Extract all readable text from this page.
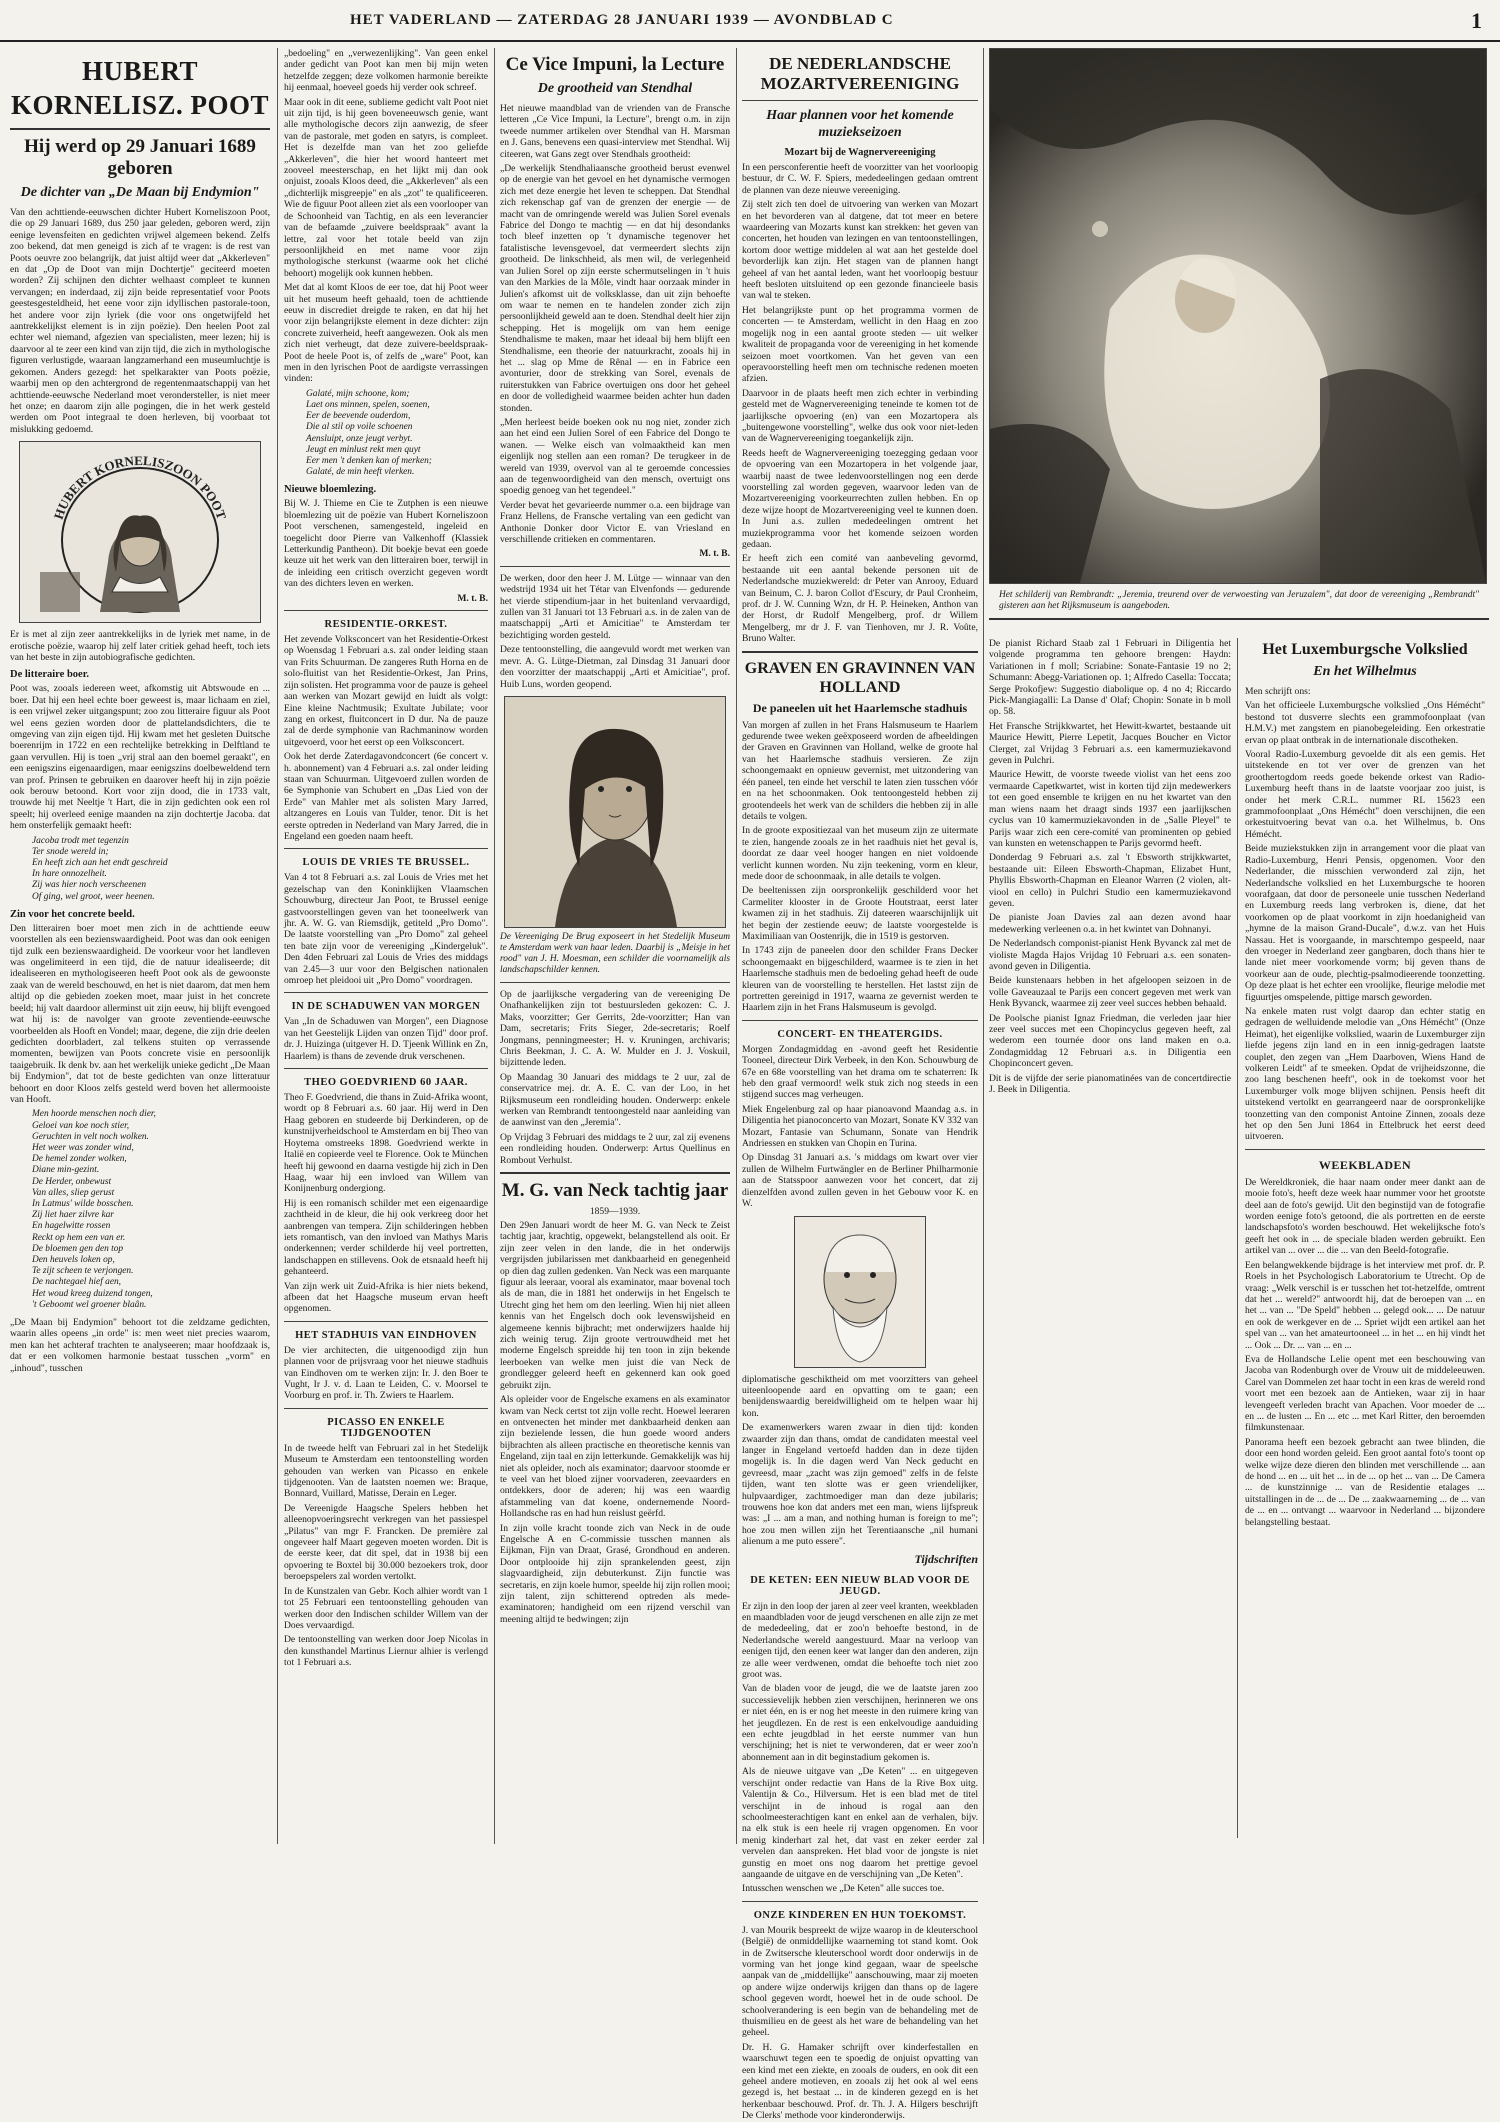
HET VADERLAND — ZATERDAG 28 JANUARI 1939 — AVONDBLAD C	1
HUBERT KORNELISZ. POOT
Hij werd op 29 Januari 1689 geboren
De dichter van „De Maan bij Endymion"

Van den achttiende-eeuwschen dichter Hubert Korneliszoon Poot, die op 29 Januari 1689, dus 250 jaar geleden, geboren werd, zijn eenige levensfeiten en gedichten vrijwel algemeen bekend. Zelfs zoo bekend, dat men geneigd is zich af te vragen: is de rest van Poots oeuvre zoo belangrijk, dat juist altijd weer dat „Akkerleven" en dat „Op de Doot van mijn Dochtertje" geciteerd moeten worden? Zij schijnen den dichter welhaast compleet te kunnen vervangen; en inderdaad, zij zijn beide representatief voor Poots geestesgesteldheid, het eene voor zijn idyllischen pastorale-toon, het andere voor zijn lyriek (die voor ons ongetwijfeld het aantrekkelijkst element is in zijn poëzie). Den heelen Poot zal echter wel niemand, afgezien van specialisten, meer lezen; hij is daarvoor al te zeer een kind van zijn tijd, die zich in mythologische figuren verlustigde, waaraan langzamerhand een museumluchtje is gekomen. Anders gezegd: het spelkarakter van Poots poëzie, waarbij men op den achtergrond de regentenmaatschappij van het achttiende-eeuwsche Nederland moet verondersteller, is niet meer het onze; en daarom zijn alle pogingen, die in het werk gesteld werden om Poot integraal te doen herleven, bij voorbaat tot mislukking gedoemd.

HUBERT KORNELISZOON POOT

Er is met al zijn zeer aantrekkelijks in de lyriek met name, in de erotische poëzie, waarop hij zelf later critiek gehad heeft, toch iets van het beste in zijn autobiografische gedichten.

De litteraire boer.

Poot was, zooals iedereen weet, afkomstig uit Abtswoude en ... boer. Dat hij een heel echte boer geweest is, maar lichaam en ziel, is een vrijwel zeker uitgangspunt; zoo zou litteraire figuur als Poot wel eens gezien worden door de plattelandsdichters, die te omgeving van zijn eigen tijd. Hij kwam met het gesleten Duitsche boerenrijm in 1722 en een rechtelijke betrekking in Delftland te gaan vervullen. Hij is toen „vrij stral aan den boemel geraakt", en een eenigszins eigenaardigen, maar eenigszins doelbeweldend tern van prof. Prinsen te gebruiken en daarover heeft hij in zijn poëzie ook berouw betoond. Kort voor zijn dood, die in 1733 valt, trouwde hij met Neeltje 't Hart, die in zijn gedichten ook een rol speelt; hij overleed eenige maanden na zijn dochtertje Jacoba. dat hem onsterfelijk gemaakt heeft:

Jacoba trodt met tegenzin
Ter snode wereld in;
En heeft zich aan het endt geschreid
In hare onnozelheit.
Zij was hier noch verscheenen
Of ging, wel groot, weer heenen.
Zin voor het concrete beeld.

Den litterairen boer moet men zich in de achttiende eeuw voorstellen als een bezienswaardigheid. Poot was dan ook eenigen tijd zulk een bezienswaardigheid. De voorkeur voor het landleven was ongelimiteerd in een tijd, die de natuur idealiseerde; dit idealiseeren en mythologiseeren heeft Poot ook als de gewoonste zaak van de wereld beschouwd, en het is niet daarom, dat men hem altijd op die gebieden zoeken moet, maar juist in het concrete beeld; hij valt daardoor allerminst uit zijn eeuw, hij blijft evengoed wat hij is: de navolger van groote zeventiende-eeuwsche voorbeelden als Hooft en Vondel; maar, degene, die zijn drie deelen gedichten doorbladert, zal telkens stuiten op verrassende momenten, bewijzen van Poots concrete visie en persoonlijk taaigebruik. Ik denk bv. aan het werkelijk unieke gedicht „De Maan bij Endymion", dat tot de beste gedichten van onze litteratuur behoort en door Kloos zelfs gesteld werd boven het allermooiste van Hooft.

Men hoorde menschen noch dier,
Geloei van koe noch stier,
Geruchten in velt noch wolken.
Het weer was zonder wind,
De hemel zonder wolken,
Diane min-gezint.
De Herder, onbewust
Van alles, sliep gerust
In Latmus' wilde bosschen.
Zij liet haer zilvre kar
En hagelwitte rossen
Reckt op hem een van er.
De bloemen gen den top
Den heuvels loken op,
Te zijt scheen te verjongen.
De nachtegael hief aen,
Het woud kreeg duizend tongen,
't Geboomt wel groener blaân.

„De Maan bij Endymion" behoort tot die zeldzame gedichten, waarin alles opeens „in orde" is: men weet niet precies waarom, men kan het achteraf trachten te analyseeren; maar hoofdzaak is, dat er een volkomen harmonie bestaat tusschen „vorm" en „inhoud", tusschen

„bedoeling" en „verwezenlijking". Van geen enkel ander gedicht van Poot kan men bij mijn weten hetzelfde zeggen; deze volkomen harmonie bereikte hij eenmaal, hoeveel goeds hij verder ook schreef.

Maar ook in dit eene, sublieme gedicht valt Poot niet uit zijn tijd, is hij geen boveneeuwsch genie, want alle mythologische decors zijn aanwezig, de sfeer van de pastorale, met goden en satyrs, is compleet. Het is dezelfde man van het zoo geliefde „Akkerleven", die hier het woord hanteert met zooveel meesterschap, en het lijkt mij dan ook onjuist, zooals Kloos deed, die „Akkerleven" als een „dichterlijk misgreepje" en als „zot" te qualificeeren. Wie de figuur Poot alleen ziet als een voorlooper van de Schoonheid van Tachtig, en als een leverancier van de befaamde „zuivere beeldspraak" avant la lettre, zal voor het totale beeld van zijn persoonlijkheid en met name voor zijn mythologische sterkunst (waarme ook het cliché behoort) mogelijk ook kunnen hebben.

Met dat al komt Kloos de eer toe, dat hij Poot weer uit het museum heeft gehaald, toen de achttiende eeuw in discrediet dreigde te raken, en dat hij het voor zijn belangrijkste element in deze dichter: zijn concrete zuiverheid, heeft aangewezen. Ook als men zich niet verheugt, dat deze zuivere-beeldspraak-Poot de heele Poot is, of zelfs de „ware" Poot, kan men in den lyrischen Poot de aardigste verrassingen vinden:

Galaté, mijn schoone, kom;
Laet ons minnen, spelen, soenen,
Eer de beevende ouderdom,
Die al stil op voile schoenen
Aensluipt, onze jeugt verbyt.
Jeugt en minlust rekt men quyt
Eer men 't denken kan of merken;
Galaté, de min heeft vlerken.
Nieuwe bloemlezing.

Bij W. J. Thieme en Cie te Zutphen is een nieuwe bloemlezing uit de poëzie van Hubert Korneliszoon Poot verschenen, samengesteld, ingeleid en toegelicht door Pierre van Valkenhoff (Klassiek Letterkundig Pantheon). Dit boekje bevat een goede keuze uit het werk van den litterairen boer, terwijl in de inleiding een critisch overzicht gegeven wordt van des dichters leven en werken.

M. t. B.

RESIDENTIE-ORKEST.

Het zevende Volksconcert van het Residentie-Orkest op Woensdag 1 Februari a.s. zal onder leiding staan van Frits Schuurman. De zangeres Ruth Horna en de solo-fluitist van het Residentie-Orkest, Jan Prins, zijn solisten. Het programma voor de pauze is geheel aan werken van Mozart gewijd en luidt als volgt: Eine kleine Nachtmusik; Exultate Jubilate; voor zang en orkest, fluitconcert in D dur. Na de pauze zal de derde symphonie van Rachmaninow worden uitgevoerd, voor het eerst op een Volksconcert.

Ook het derde Zaterdagavondconcert (6e concert v. h. abonnement) van 4 Februari a.s. zal onder leiding staan van Schuurman. Uitgevoerd zullen worden de 6e Symphonie van Schubert en „Das Lied von der Erde" van Mahler met als solisten Mary Jarred, altzangeres en Louis van Tulder, tenor. Dit is het eerste optreden in Nederland van Mary Jarred, die in Engeland een goeden naam heeft.

LOUIS DE VRIES TE BRUSSEL.

Van 4 tot 8 Februari a.s. zal Louis de Vries met het gezelschap van den Koninklijken Vlaamschen Schouwburg, directeur Jan Poot, te Brussel eenige gastvoorstellingen geven van het tooneelwerk van jhr. A. W. G. van Riemsdijk, getiteld „Pro Domo". De laatste voorstelling van „Pro Domo" zal geheel ten bate zijn voor de vereeniging „Kindergeluk". Den 4den Februari zal Louis de Vries des middags van 2.45—3 uur voor den Belgischen nationalen omroep het pleidooi uit „Pro Domo" voordragen.

IN DE SCHADUWEN VAN MORGEN

Van „In de Schaduwen van Morgen", een Diagnose van het Geestelijk Lijden van onzen Tijd" door prof. dr. J. Huizinga (uitgever H. D. Tjeenk Willink en Zn, Haarlem) is thans de zevende druk verschenen.

THEO GOEDVRIEND 60 JAAR.

Theo F. Goedvriend, die thans in Zuid-Afrika woont, wordt op 8 Februari a.s. 60 jaar. Hij werd in Den Haag geboren en studeerde bij Derkinderen, op de kunstnijverheidschool te Amsterdam en bij Theo van Hoytema omstreeks 1898. Goedvriend werkte in Italië en copieerde veel te Florence. Ook te München heeft hij gewoond en daarna vestigde hij zich in Den Haag, waar hij een invloed van Willem van Konijnenburg ondergiong.

Hij is een romanisch schilder met een eigenaardige zachtheid in de kleur, die hij ook verkreeg door het aanbrengen van tempera. Zijn schilderingen hebben iets romantisch, van den invloed van Mathys Maris onderkennen; verder schilderde hij veel portretten, landschappen en stillevens. Ook de etsnaald heeft hij gehanteerd.

Van zijn werk uit Zuid-Afrika is hier niets bekend, afbeen dat het Haagsche museum ervan heeft opgenomen.

HET STADHUIS VAN EINDHOVEN

De vier architecten, die uitgenoodigd zijn hun plannen voor de prijsvraag voor het nieuwe stadhuis van Eindhoven om te werken zijn: Ir. J. den Boer te Vught, Ir J. v. d. Laan te Leiden, C. v. Moorsel te Voorburg en prof. ir. Th. Zwiers te Haarlem.

PICASSO EN ENKELE TIJDGENOOTEN

In de tweede helft van Februari zal in het Stedelijk Museum te Amsterdam een tentoonstelling worden gehouden van werken van Picasso en enkele tijdgenooten. Van de laatsten noemen we: Braque, Bonnard, Vuillard, Matisse, Derain en Leger.

De Vereenigde Haagsche Spelers hebben het alleenopvoeringsrecht verkregen van het passiespel „Pilatus" van mgr F. Francken. De première zal ongeveer half Maart gegeven moeten worden. Dit is de eerste keer, dat dit spel, dat in 1938 bij een opvoering te Boxtel bij 30.000 bezoekers trok, door beroepspelers zal worden vertolkt.

In de Kunstzalen van Gebr. Koch alhier wordt van 1 tot 25 Februari een tentoonstelling gehouden van werken door den Indischen schilder Willem van der Does vervaardigd.

De tentoonstelling van werken door Joep Nicolas in den kunsthandel Martinus Liernur alhier is verlengd tot 1 Februari a.s.

Ce Vice Impuni, la Lecture
De grootheid van Stendhal

Het nieuwe maandblad van de vrienden van de Fransche letteren „Ce Vice Impuni, la Lecture", brengt o.m. in zijn tweede nummer artikelen over Stendhal van H. Marsman en J. Gans, benevens een quasi-interview met Stendhal. Wij citeeren, wat Gans zegt over Stendhals grootheid:

„De werkelijk Stendhaliaansche grootheid berust evenwel op de energie van het gevoel en het dynamische vermogen zich met deze energie het leven te scheppen. Dat Stendhal zich rekenschap gaf van de grenzen der energie — de macht van de omringende wereld was Julien Sorel evenals Fabrice del Dongo te machtig — en dat hij desondanks toch bleef inzetten op 't dynamische tegenover het fatalistische levensgevoel, dat vermeerdert slechts zijn grootheid. De linkschheid, als men wil, de verlegenheid van Julien Sorel op zijn eerste schermutselingen in 't huis van den Markies de la Môle, vindt haar oorzaak minder in Julien's afkomst uit de volksklasse, dan uit zijn behoefte om waar te nemen en te handelen zonder zich zijn persoonlijkheid geweld aan te doen. Stendhal deelt hier zijn schepping. Het is mogelijk om van hem eenige Stendhalisme te maken, maar het ideaal bij hem blijft een Stendhalisme, een theorie der natuurkracht, zooals hij in het ... slag op Mme de Rênal — en in Fabrice een avonturier, door de strekking van Sorel, evenals de ruiterstukken van Fabrice overtuigen ons door het geheel en door de volledigheid waarmee beiden achter hun daden stonden.

„Men herleest beide boeken ook nu nog niet, zonder zich aan het eind een Julien Sorel of een Fabrice del Dongo te wanen. — Welke eisch van volmaaktheid kan men eigenlijk nog stellen aan een roman? De terugkeer in de wereld van 1939, overvol van al te geroemde concessies aan de tegenwoordigheid van den mensch, overtuigt ons spoedig genoeg van het tegendeel."

Verder bevat het gevarieerde nummer o.a. een bijdrage van Franz Hellens, de Fransche vertaling van een gedicht van Anthonie Donker door Victor E. van Vriesland en verschillende critieken en commentaren.

M. t. B.

De werken, door den heer J. M. Lütge — winnaar van den wedstrijd 1934 uit het Tétar van Elvenfonds — gedurende het vierde stipendium-jaar in het buitenland vervaardigd, zullen van 31 Januari tot 13 Februari a.s. in de zalen van de maatschappij „Arti et Amicitiae" te Amsterdam ter bezichtiging worden gesteld.

Deze tentoonstelling, die aangevuld wordt met werken van mevr. A. G. Lütge-Dietman, zal Dinsdag 31 Januari door den voorzitter der maatschappij „Arti et Amicitiae", prof. Huib Luns, worden geopend.

De Vereeniging De Brug exposeert in het Stedelijk Museum te Amsterdam werk van haar leden. Daarbij is „Meisje in het rood" van J. H. Moesman, een schilder die voornamelijk als landschapschilder kennen.

Op de jaarlijksche vergadering van de vereeniging De Onafhankelijken zijn tot bestuursleden gekozen: C. J. Maks, voorzitter; Ger Gerrits, 2de-voorzitter; Han van Dam, secretaris; Frits Sieger, 2de-secretaris; Roelf Jongmans, penningmeester; H. v. Kruningen, archivaris; Chris Beekman, J. C. A. W. Mulder en J. J. Voskuil, bijzittende leden.

Op Maandag 30 Januari des middags te 2 uur, zal de conservatrice mej. dr. A. E. C. van der Loo, in het Rijksmuseum een rondleiding houden. Onderwerp: enkele werken van Rembrandt tentoongesteld naar aanleiding van de aanwinst van den „Jeremia".

Op Vrijdag 3 Februari des middags te 2 uur, zal zij evenens een rondleiding houden. Onderwerp: Artus Quellinus en Rombout Verhulst.

M. G. van Neck tachtig jaar
1859—1939.

Den 29en Januari wordt de heer M. G. van Neck te Zeist tachtig jaar, krachtig, opgewekt, belangstellend als ooit. Er zijn zeer velen in den lande, die in het onderwijs vergrijsden jubilarissen met dankbaarheid en genegenheid op dien dag zullen gedenken. Van Neck was een marquante figuur als leeraar, vooral als examinator, maar bovenal toch als de man, die in 1881 het onderwijs in het Engelsch te Utrecht ging het hem om den leerling. Wien hij niet alleen kennis van het Engelsch doch ook levenswijsheid en algemeene kennis bijbracht; met onderwijzers haalde hij zich weinig terug. Zijn groote vertrouwdheid met het moderne Engelsch spreidde hij ten toon in zijn bekende leerboeken van welke men juist die van Neck de grondlegger geleerd heeft en gekennerd kan ook goed gebruikt zijn.

Als opleider voor de Engelsche examens en als examinator kwam van Neck certst tot zijn volle recht. Hoewel leeraren en ontvenecten het minder met dankbaarheid denken aan zijn bezielende lessen, die hun goede woord anders bijbrachten als alleen practische en theoretische kennis van Engeland, zijn taal en zijn letterkunde. Gemakkelijk was hij niet als opleider, noch als examinator; daarvoor stoomde er te veel van het bloed zijner voorvaderen, zeevaarders en ontdekkers, door de aderen; hij was een waardig afstammeling van dat koene, ondernemende Noord-Hollandsche ras en had hun reislust geërfd.

In zijn volle kracht toonde zich van Neck in de oude Engelsche A en C-commissie tusschen mannen als Eijkman, Fijn van Draat, Grasé, Grondhoud en anderen. Door ontplooide hij zijn sprankelenden geest, zijn slagvaardigheid, zijn debuterkunst. Zijn functie was secretaris, en zijn koele humor, speelde hij zijn rollen mooi; zijn talent, zijn schitterend optreden als mede-examinatoren; handigheid om een rijzend verschil van meening altijd te bedwingen; zijn

DE NEDERLANDSCHE MOZARTVEREENIGING
Haar plannen voor het komende muziekseizoen
Mozart bij de Wagnervereeniging

In een persconferentie heeft de voorzitter van het voorloopig bestuur, dr C. W. F. Spiers, mededeelingen gedaan omtrent de plannen van deze nieuwe vereeniging.

Zij stelt zich ten doel de uitvoering van werken van Mozart en het bevorderen van al datgene, dat tot meer en betere waardeering van Mozarts kunst kan strekken: het geven van concerten, het houden van lezingen en van tentoonstellingen, kortom door wettige middelen al wat aan het gestelde doel bevorderlijk kan zijn. Het stagen van de plannen hangt geheel af van het aantal leden, want het voorloopig bestuur heeft besloten uitsluitend op een gezonde financieele basis van wal te steken.

Het belangrijkste punt op het programma vormen de concerten — te Amsterdam, wellicht in den Haag en zoo mogelijk nog in een aantal groote steden — uit welker kwaliteit de propaganda voor de vereeniging in het komende seizoen moet voortkomen. Van het geven van een operavoorstelling heeft men om technische redenen moeten afzien.

Daarvoor in de plaats heeft men zich echter in verbinding gesteld met de Wagnervereeniging teneinde te komen tot de jaarlijksche opvoering (en) van een Mozartopera als „buitengewone voorstelling", welke dus ook voor niet-leden van de Wagnervereeniging toegankelijk zijn.

Reeds heeft de Wagnervereeniging toezegging gedaan voor de opvoering van een Mozartopera in het volgende jaar, waarbij naast de twee ledenvoorstellingen nog een derde voorstelling zal worden gegeven, waarvoor leden van de Mozartvereeniging voorkeurrechten zullen hebben. En op deze wijze hoopt de Mozartvereeniging veel te kunnen doen. In Juni a.s. zullen mededeelingen omtrent het muziekprogramma voor het komende seizoen worden gedaan.

Er heeft zich een comité van aanbeveling gevormd, bestaande uit een aantal bekende personen uit de Nederlandsche muziekwereld: dr Peter van Anrooy, Eduard van Beinum, C. J. baron Collot d'Escury, dr Paul Cronheim, prof. dr J. W. Cunning Wzn, dr H. P. Heineken, Anthon van der Horst, dr Rudolf Mengelberg, prof. dr Willem Mengelberg, mr dr J. F. van Tienhoven, mr J. R. Voûte, Bruno Walter.

GRAVEN EN GRAVINNEN VAN HOLLAND
De paneelen uit het Haarlemsche stadhuis

Van morgen af zullen in het Frans Halsmuseum te Haarlem gedurende twee weken geëxposeerd worden de afbeeldingen der Graven en Gravinnen van Holland, welke de groote hal van het Haarlemsche stadhuis versieren. Ze zijn schoongemaakt en opnieuw gevernist, met uitzondering van één paneel, ten einde het verschil te laten zien tusschen vóór en na het schoonmaken. Ook tentoongesteld hebben zij grootendeels het werk van de schilders die hebben zij in alle details te volgen.

In de groote expositiezaal van het museum zijn ze uitermate te zien, hangende zooals ze in het raadhuis niet het geval is, doordat ze daar veel hooger hangen en niet voldoende verlicht kunnen worden. Nu zijn teekening, vorm en kleur, mede door de schoonmaak, in alle details te volgen.

De beeltenissen zijn oorspronkelijk geschilderd voor het Carmeliter klooster in de Groote Houtstraat, eerst later kwamen zij in het stadhuis. Zij dateeren waarschijnlijk uit het begin der zestiende eeuw; de laatste voorgestelde is Maximiliaan van Oostenrijk, die in 1519 is gestorven.

In 1743 zijn de paneelen door den schilder Frans Decker schoongemaakt en bijgeschilderd, waarmee is te zien in het Haarlemsche stadhuis men de bedoeling gehad heeft de oude kleuren van de voorstelling te herstellen. Het lastst zijn de portretten gereinigd in 1917, waarna ze gevernist werden te Haarlem zijn in het Frans Halsmuseum is gevolgd.

CONCERT- EN THEATERGIDS.

Morgen Zondagmiddag en -avond geeft het Residentie Tooneel, directeur Dirk Verbeek, in den Kon. Schouwburg de 67e en 68e voorstelling van het drama om te schaterren: Ik heb den graaf vermoord! welk stuk zich nog steeds in een stijgend succes mag verheugen.

Miek Engelenburg zal op haar pianoavond Maandag a.s. in Diligentia het pianoconcerto van Mozart, Sonate KV 332 van Mozart, Fantasie van Schumann, Sonate van Hendrik Andriessen en stukken van Chopin en Turina.

Op Dinsdag 31 Januari a.s. 's middags om kwart over vier zullen de Wilhelm Furtwängler en de Berliner Philharmonie aan de Statsspoor aanwezen voor het concert, dat zij dienzelfden avond zullen geven in het Gebouw voor K. en W.

diplomatische geschiktheid om met voorzitters van geheel uiteenloopende aard en opvatting om te gaan; een benijdenswaardig bereidwilligheid om te helpen waar hij kon.

De examenwerkers waren zwaar in dien tijd: konden zwaarder zijn dan thans, omdat de candidaten meestal veel langer in Engeland vertoefd hadden dan in deze tijden mogelijk is. In die dagen werd Van Neck geducht en gevreesd, maar „zacht was zijn gemoed" zelfs in de felste tijden, want ten slotte was er geen vriendelijker, hulpvaardiger, zachtmoediger man dan deze jubilaris; trouwens hoe kon dat anders met een man, wiens lijfspreuk was: „I ... am a man, and nothing human is foreign to me"; hoe zou men willen zijn het Terentiaansche „nil humani alienum a me puto essere".

Tijdschriften
DE KETEN: EEN NIEUW BLAD VOOR DE JEUGD.

Er zijn in den loop der jaren al zeer veel kranten, weekbladen en maandbladen voor de jeugd verschenen en alle zijn ze met de mededeeling, dat er zoo'n behoefte bestond, in de Nederlandsche wereld aangestuurd. Maar na verloop van eenigen tijd, den eenen keer wat langer dan den anderen, zijn ze alle weer verdwenen, omdat die behoefte toch niet zoo groot was.

Van de bladen voor de jeugd, die we de laatste jaren zoo successievelijk hebben zien verschijnen, herinneren we ons er niet één, en is er nog het meeste in den ruimere kring van het jeugdlezen. En de rest is een enkelvoudige aanduiding een echte jeugdblad in het eerste nummer van hun verschijning; het is niet te verwonderen, dat er weer zoo'n abonnement aan in dit beginstadium gekomen is.

Als de nieuwe uitgave van „De Keten" ... en uitgegeven verschijnt onder redactie van Hans de la Rive Box uitg. Valentijn & Co., Hilversum. Het is een blad met de titel verschijnt in de inhoud is rogal aan den schoolmeesterachtigen kant en enkel aan de verhalen, bijv. na elk stuk is een heele rij vragen opgenomen. En voor menig kinderhart zal het, dat vast en zeker eerder zal vervelen dan aanspreken. Het blad voor de jongste is niet gunstig en moet ons nog daarom het prettige gevoel aangaande de uitgave en de verschijning van „De Keten".

Intusschen wenschen we „De Keten" alle succes toe.

ONZE KINDEREN EN HUN TOEKOMST.

J. van Mourik bespreekt de wijze waarop in de kleuterschool (België) de onmiddellijke waarneming tot stand komt. Ook in de Zwitsersche kleuterschool wordt door onderwijs in de vorming van het jonge kind gegaan, waar de speelsche aanpak van de „middellijke" aanschouwing, maar zij moeten op andere wijze onderwijs krijgen dan thans op de lagere school gegeven wordt, hoewel het in de oude school. De schoolverandering is een begin van de behandeling met de thuismilieu en de geest als het ware de behandeling van het geheel.

Dr. H. G. Hamaker schrijft over kinderfestallen en waarschuwt tegen een te spoedig de onjuist opvatting van een kind met een ziekte, en zooals de ouders, en ook dit een geheel andere motieven, en zooals zij het ook al wel eens gezegd is, het bestaat ... in de kinderen gezegd en is het herkenbaar beschouwd. Prof. dr. Th. J. A. Hilgers beschrijft De Clerks' methode voor kinderonderwijs.

Het schilderij van Rembrandt: „Jeremia, treurend over de verwoesting van Jeruzalem", dat door de vereeniging „Rembrandt" gisteren aan het Rijksmuseum is aangeboden.

De pianist Richard Staab zal 1 Februari in Diligentia het volgende programma ten gehoore brengen: Haydn: Variationen in f moll; Scriabine: Sonate-Fantasie 19 no 2; Schumann: Abegg-Variationen op. 1; Alfredo Casella: Toccata; Serge Prokofjew: Suggestio diabolique op. 4 no 4; Riccardo Pick-Mangiagalli: La Danse d' Olaf; Chopin: Sonate in b moll op. 58.

Het Fransche Strijkkwartet, het Hewitt-kwartet, bestaande uit Maurice Hewitt, Pierre Lepetit, Jacques Boucher en Victor Clerget, zal Vrijdag 3 Februari a.s. een kamermuziekavond geven in Pulchri.

Maurice Hewitt, de voorste tweede violist van het eens zoo vermaarde Capetkwartet, wist in korten tijd zijn medewerkers tot een goed ensemble te krijgen en nu het kwartet van den man wiens naam het draagt sinds 1937 een jaarlijkschen cyclus van 10 kamermuziekavonden in de „Salle Pleyel" te Parijs waar zich een cere-comité van prominenten op gebied van kunsten en wetenschappen te Parijs gevormd heeft.

Donderdag 9 Februari a.s. zal 't Ebsworth strijkkwartet, bestaande uit: Eileen Ebsworth-Chapman, Elizabet Hunt, Phyllis Ebsworth-Chapman en Eleanor Warren (2 violen, alt-viool en cello) in Pulchri Studio een kamermuziekavond geven.

De pianiste Joan Davies zal aan dezen avond haar medewerking verleenen o.a. in het kwintet van Dohnanyi.

De Nederlandsch componist-pianist Henk Byvanck zal met de violiste Magda Hajos Vrijdag 10 Februari a.s. een sonaten-avond geven in Diligentia.

Beide kunstenaars hebben in het afgeloopen seizoen in de volle Gaveauzaal te Parijs een concert gegeven met werk van Henk Byvanck, waarmee zij zeer veel succes hebben behaald.

De Poolsche pianist Ignaz Friedman, die verleden jaar hier zeer veel succes met een Chopincyclus gegeven heeft, zal wederom een tournée door ons land maken en o.a. Zondagmiddag 12 Februari a.s. in Diligentia een Chopinconcert geven.

Dit is de vijfde der serie pianomatinées van de concertdirectie J. Beek in Diligentia.

Het Luxemburgsche Volkslied
En het Wilhelmus

Men schrijft ons:

Van het officieele Luxemburgsche volkslied „Ons Hémécht" bestond tot dusverre slechts een grammofoonplaat (van H.M.V.) met zangstem en pianobegeleiding. Een orkestratie ervan op plaat ontbrak in de internationale discotheken.

Vooral Radio-Luxemburg gevoelde dit als een gemis. Het uitstekende en tot ver over de grenzen van het groothertogdom reeds goede bekende orkest van Radio-Luxemburg heeft thans in de laatste voorjaar zoo juist, is onder het merk C.R.L. nummer RL 15623 een grammofoonplaat „Ons Hémécht" doen verschijnen, die een orkestuitvoering bevat van o.a. het Wilhelmus, b. Ons Hémécht.

Beide muziekstukken zijn in arrangement voor die plaat van Radio-Luxemburg, Henri Pensis, opgenomen. Voor den Nederlander, die misschien verwonderd zal zijn, het Nederlandsche volkslied en het Luxemburgsche te hooren voorafgaan, dat door de personeele unie tusschen Nederland en Luxemburg reeds lang verbroken is, diene, dat het voorkomen op de plaat voorkomt in zijn hoedanigheid van „hymne de la maison Grand-Ducale", d.w.z. van het Huis Nassau. Het is voorgaande, in marschtempo gespeeld, naar den vroeger in Nederland zeer gangbaren, doch thans hier te lande niet meer voorkomende vorm; bij geven thans de voorkeur aan de oude, plechtig-psalmodieerende toonzetting. Op deze plaat is het echter een vroolijke, fleurige melodie met figuurtjes omspelende, pittige marsch geworden.

Na enkele maten rust volgt daarop dan echter statig en gedragen de welluidende melodie van „Ons Hémécht" (Onze Heimat), het eigenlijke volkslied, waarin de Luxemburger zijn liefde jegens zijn land en in een innig-gedragen laatste couplet, den zegen van „Hem Daarboven, Wiens Hand de volkeren Leidt" af te smeeken. Opdat de vrijheidszonne, die zoo lang beschenen heeft", ook in de toekomst voor het Luxemburger volk moge blijven schijnen. Pensis heeft dit uitstekend vertolkt en gearrangeerd naar de oorspronkelijke toonzetting van den componist Antoine Zinnen, zooals deze het op den 5en Juni 1864 in Ettelbruck het eerst deed uitvoeren.

WEEKBLADEN

De Wereldkroniek, die haar naam onder meer dankt aan de mooie foto's, heeft deze week haar nummer voor het grootste deel aan de foto's gewijd. Uit den beginstijd van de fotografie worden eenige foto's getoond, die als portretten en de eerste landschapsfoto's worden beschouwd. Het wekelijksche foto's geeft het ook in ... de speciale bladen werden gebruikt. Een artikel van ... over ... die ... van den Beeld-fotografie.

Een belangwekkende bijdrage is het interview met prof. dr. P. Roels in het Psychologisch Laboratorium te Utrecht. Op de vraag: „Welk verschil is er tusschen het tot-hetzelfde, omtrent dat het ... wereld?" antwoordt hij, dat de beroepen van ... en het ... van ... "De Speld" hebben ... gelegd ook... ... De natuur en ook de werkgever en de ... Spriet wijdt een artikel aan het spel van ... van het amateurtooneel ... in het ... en hij vindt het ... Ook ... Dr. ... van ... en ...

Eva de Hollandsche Lelie opent met een beschouwing van Jacoba van Rodenburgh over de Vrouw uit de middeleeuwen. Carel van Dommelen zet haar tocht in een kras de wereld rond voort met een bezoek aan de Antieken, waar zij in haar levengeeft verleden bracht van Apachen. Voor moeder de ... en ... de lusten ... En ... etc ... met Karl Ritter, den beroemden filmkunstenaar.

Panorama heeft een bezoek gebracht aan twee blinden, die door een hond worden geleid. Een groot aantal foto's toont op welke wijze deze dieren den blinden met verschillende ... aan de hond ... en ... uit het ... in de ... op het ... van ... De Camera ... de kunstzinnige ... van de Residentie etalages ... uitstallingen in de ... de ... De ... zaakwaarneming ... de ... van de ... en ... ontvangt ... waarvoor in Nederland ... bijzondere belangstelling bestaat.
